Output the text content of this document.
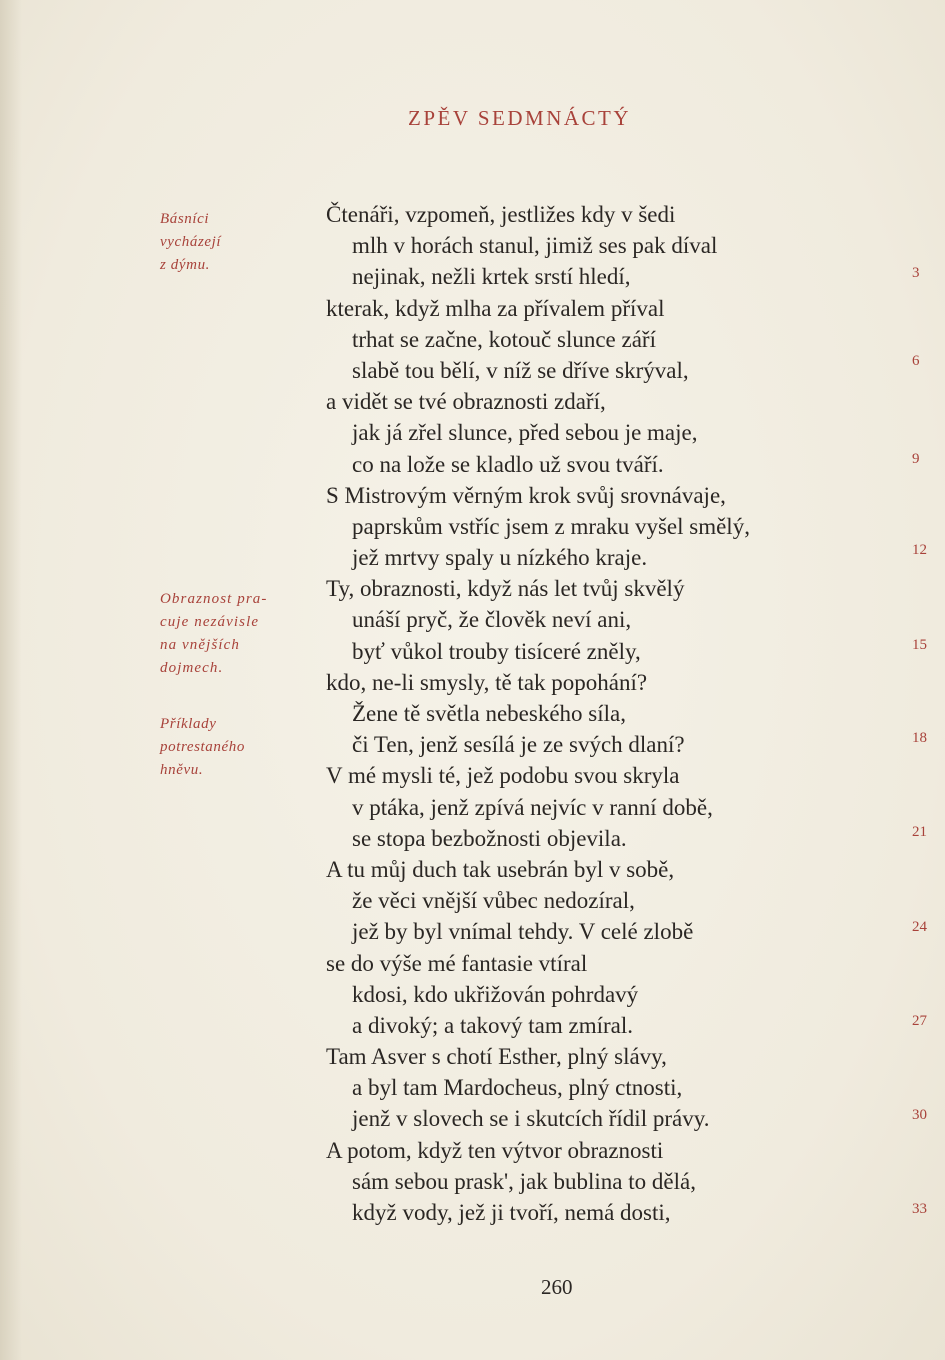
ZPĚV SEDMNÁCTÝ
Básníci
vycházejí
z dýmu.
Obraznost pra-
cuje nezávisle
na vnějších
dojmech.
Příklady
potrestaného
hněvu.
Čtenáři, vzpomeň, jestližes kdy v šedi
mlh v horách stanul, jimiž ses pak díval
nejinak, nežli krtek srstí hledí,
kterak, když mlha za přívalem příval
trhat se začne, kotouč slunce září
slabě tou bělí, v níž se dříve skrýval,
a vidět se tvé obraznosti zdaří,
jak já zřel slunce, před sebou je maje,
co na lože se kladlo už svou tváří.
S Mistrovým věrným krok svůj srovnávaje,
paprskům vstříc jsem z mraku vyšel smělý,
jež mrtvy spaly u nízkého kraje.
Ty, obraznosti, když nás let tvůj skvělý
unáší pryč, že člověk neví ani,
byť vůkol trouby tisíceré zněly,
kdo, ne-li smysly, tě tak popohání?
Žene tě světla nebeského síla,
či Ten, jenž sesílá je ze svých dlaní?
V mé mysli té, jež podobu svou skryla
v ptáka, jenž zpívá nejvíc v ranní době,
se stopa bezbožnosti objevila.
A tu můj duch tak usebrán byl v sobě,
že věci vnější vůbec nedozíral,
jež by byl vnímal tehdy. V celé zlobě
se do výše mé fantasie vtíral
kdosi, kdo ukřižován pohrdavý
a divoký; a takový tam zmíral.
Tam Asver s chotí Esther, plný slávy,
a byl tam Mardocheus, plný ctnosti,
jenž v slovech se i skutcích řídil právy.
A potom, když ten výtvor obraznosti
sám sebou prask', jak bublina to dělá,
když vody, jež ji tvoří, nemá dosti,
3
6
9
12
15
18
21
24
27
30
33
260
